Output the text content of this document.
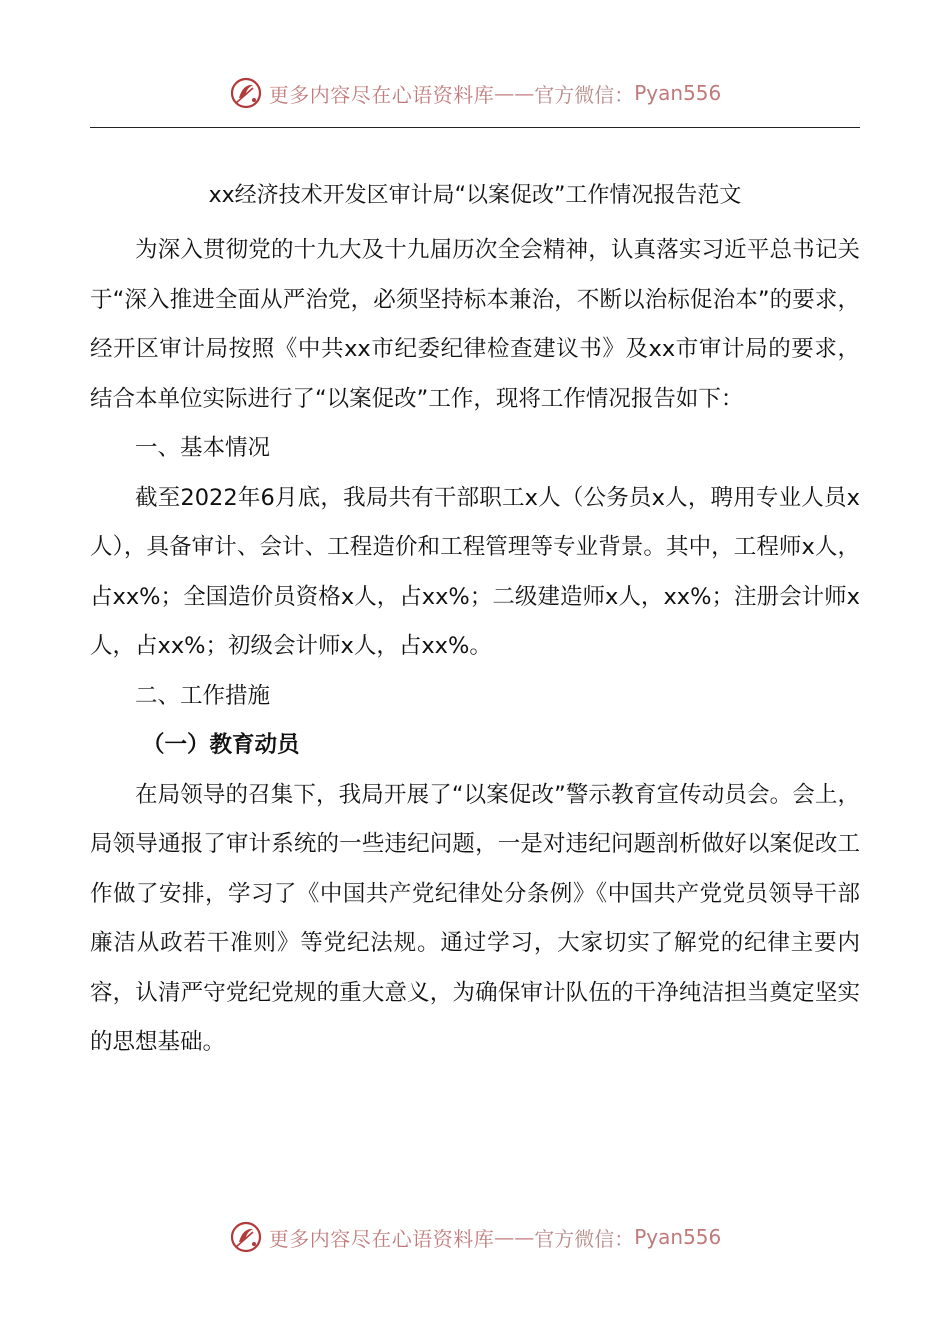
更多内容尽在心语资料库 —— 官方微信： Pyan556
xx经济技术开发区审计局“以案促改”工作情况报告范文

为深入贯彻党的十九大及十九届历次全会精神，认真落实习近平总书记关于“深入推进全面从严治党，必须坚持标本兼治，不断以治标促治本”的要求，经开区审计局按照《中共xx市纪委纪律检查建议书》及xx市审计局的要求，结合本单位实际进行了“以案促改”工作，现将工作情况报告如下：

一、基本情况

截至2022年6月底，我局共有干部职工x人（公务员x人，聘用专业人员x人），具备审计、会计、工程造价和工程管理等专业背景。其中，工程师x人，占xx%；全国造价员资格x人，占xx%；二级建造师x人，xx%；注册会计师x人，占xx%；初级会计师x人，占xx%。

二、工作措施

（一）教育动员

在局领导的召集下，我局开展了“以案促改”警示教育宣传动员会。会上，局领导通报了审计系统的一些违纪问题，一是对违纪问题剖析做好以案促改工作做了安排，学习了《中国共产党纪律处分条例》《中国共产党党员领导干部廉洁从政若干准则》等党纪法规。通过学习，大家切实了解党的纪律主要内容，认清严守党纪党规的重大意义，为确保审计队伍的干净纯洁担当奠定坚实的思想基础。

更多内容尽在心语资料库 —— 官方微信： Pyan556
